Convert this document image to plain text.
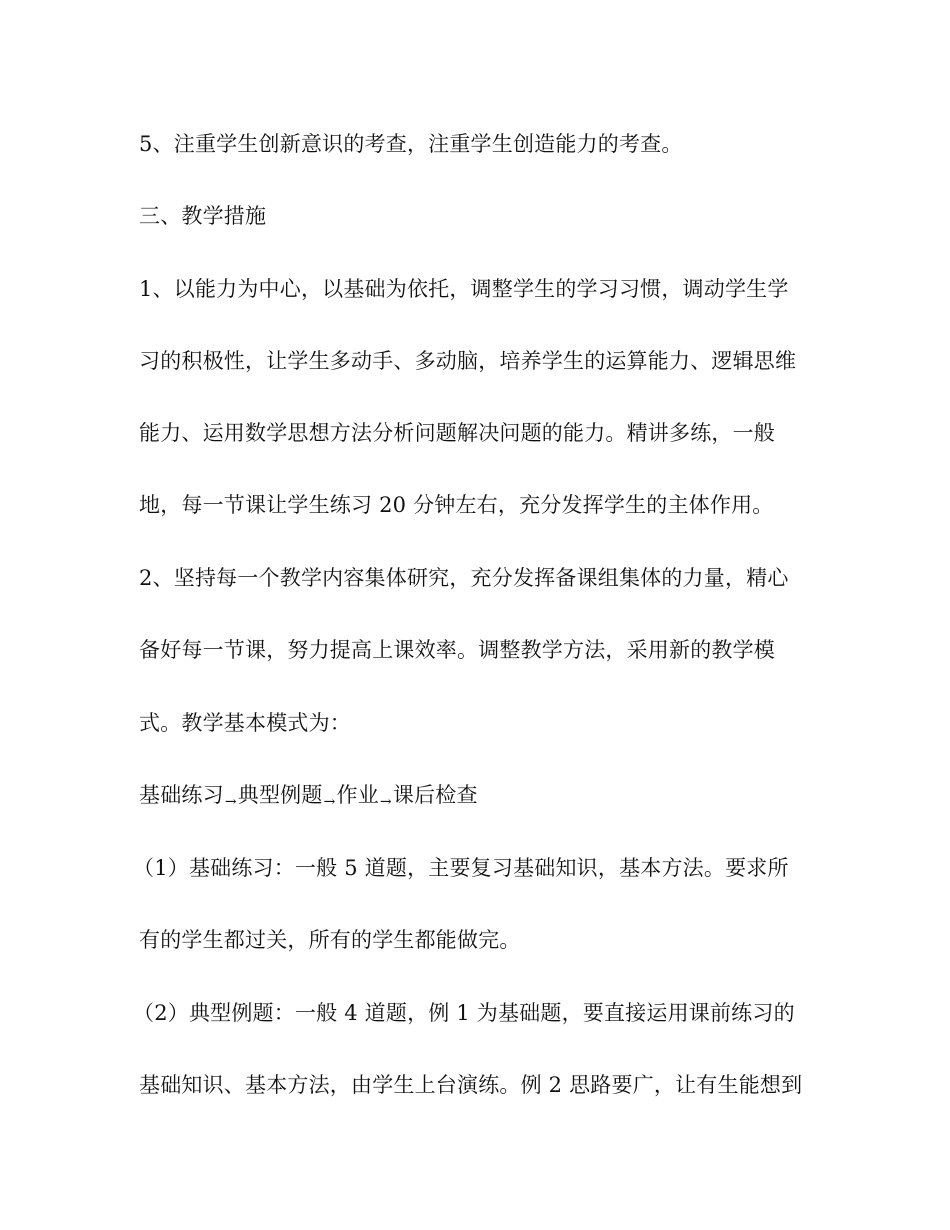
5、注重学生创新意识的考查，注重学生创造能力的考查。
三、教学措施
1、以能力为中心，以基础为依托，调整学生的学习习惯，调动学生学
习的积极性，让学生多动手、多动脑，培养学生的运算能力、逻辑思维
能力、运用数学思想方法分析问题解决问题的能力。精讲多练，一般
地，每一节课让学生练习 20 分钟左右，充分发挥学生的主体作用。
2、坚持每一个教学内容集体研究，充分发挥备课组集体的力量，精心
备好每一节课，努力提高上课效率。调整教学方法，采用新的教学模
式。教学基本模式为：
基础练习→典型例题→作业→课后检查
（1）基础练习：一般 5 道题，主要复习基础知识，基本方法。要求所
有的学生都过关，所有的学生都能做完。
（2）典型例题：一般 4 道题，例 1 为基础题，要直接运用课前练习的
基础知识、基本方法，由学生上台演练。例 2 思路要广，让有生能想到
